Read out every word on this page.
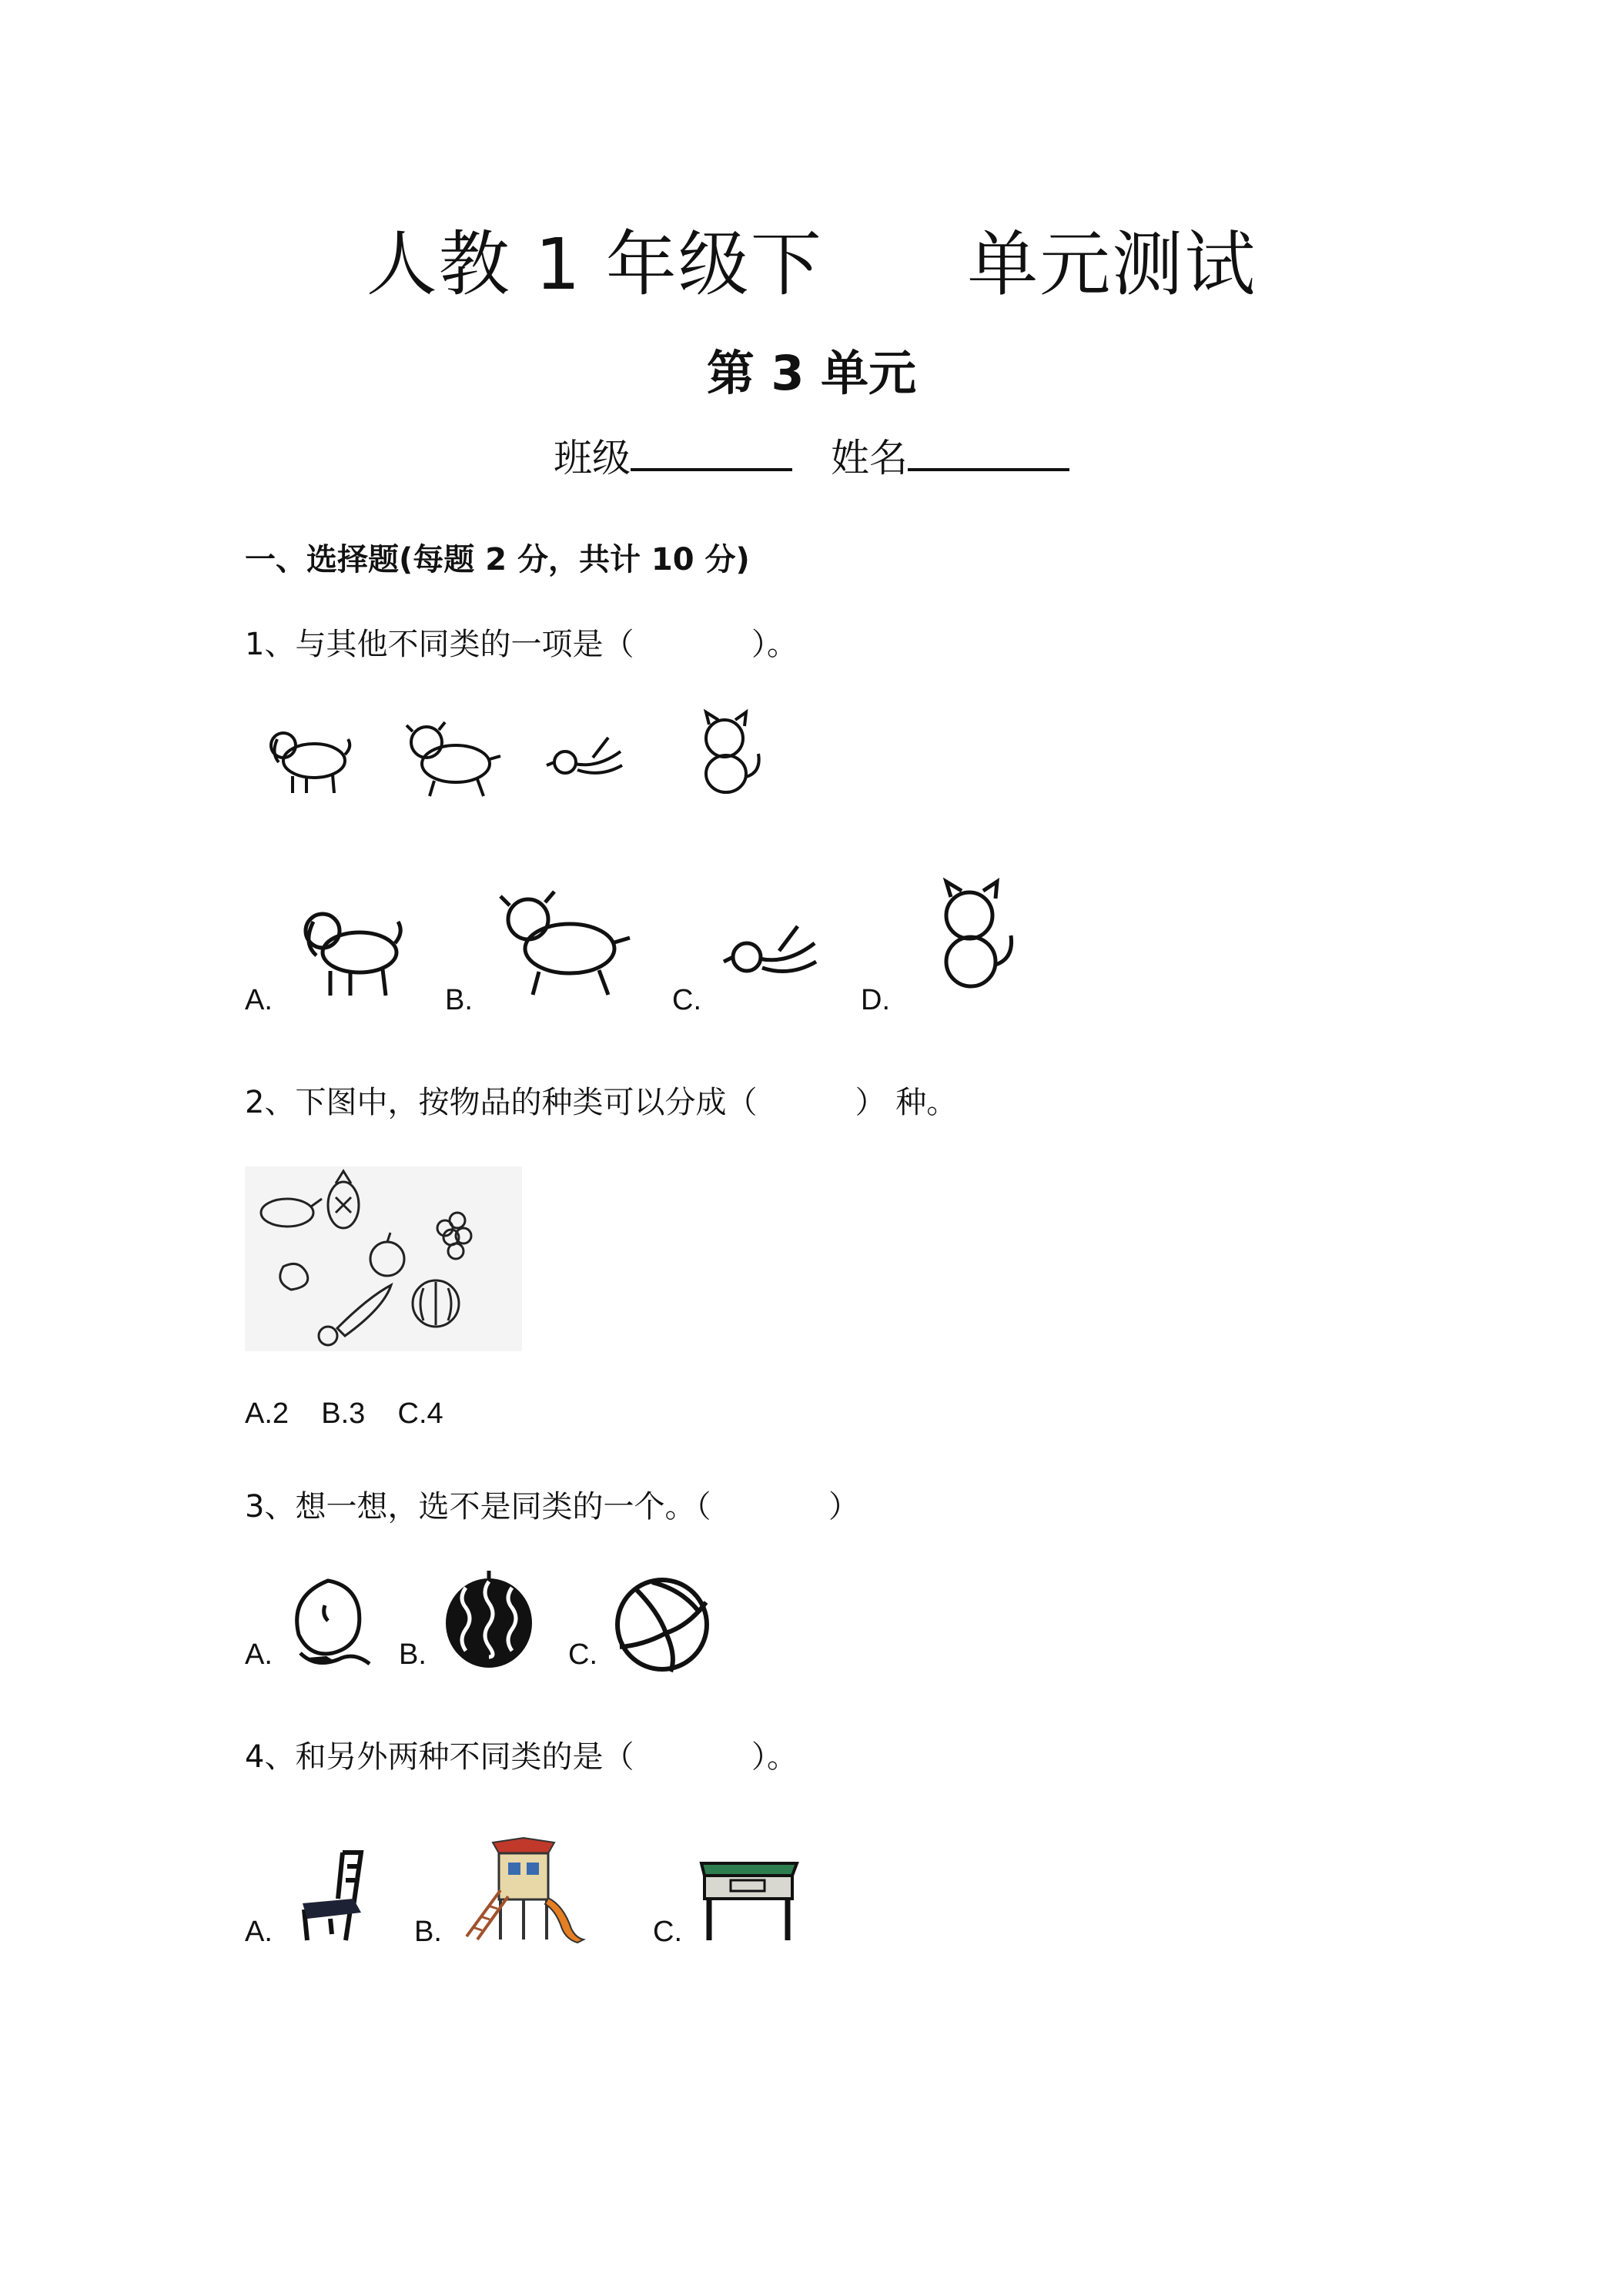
人教 1 年级下      单元测试
第 3 单元
班级	姓名
一、选择题(每题 2 分，共计 10 分)
1、与其他不同类的一项是（            ）。
A.	B.	C.	D.
2、下图中，按物品的种类可以分成（          ） 种。
A.2    B.3    C.4
3、想一想，选不是同类的一个。（            ）
A.	B.	C.
4、和另外两种不同类的是（            ）。
A.	B.	C.
